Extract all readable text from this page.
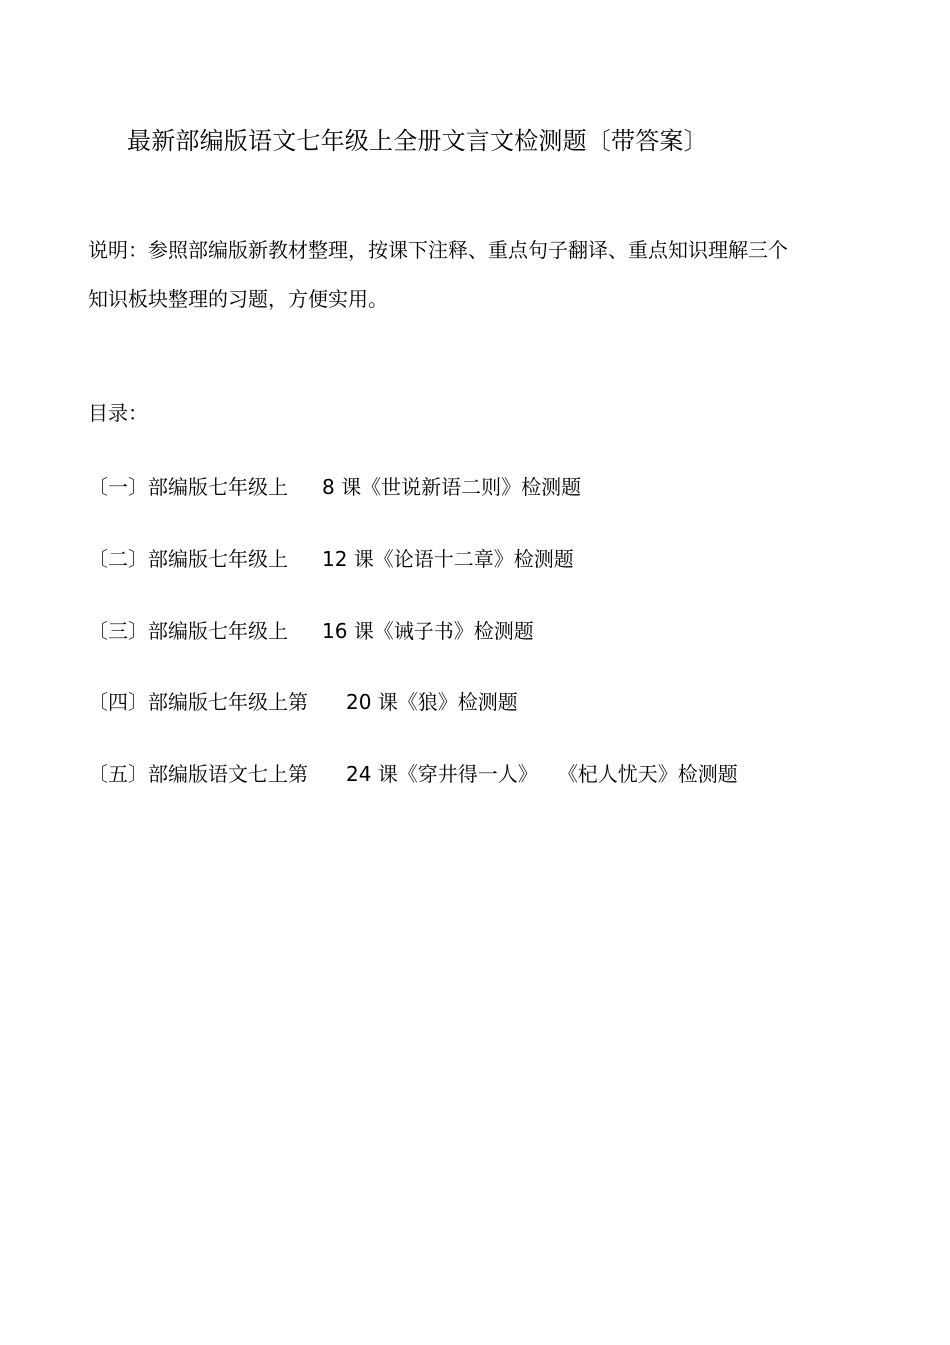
最新部编版语文七年级上全册文言文检测题〔带答案〕
说明：参照部编版新教材整理，按课下注释、重点句子翻译、重点知识理解三个知识板块整理的习题，方便实用。
目录：
〔一〕部编版七年级上 8 课《世说新语二则》检测题
〔二〕部编版七年级上 12 课《论语十二章》检测题
〔三〕部编版七年级上 16 课《诫子书》检测题
〔四〕部编版七年级上第 20 课《狼》检测题
〔五〕部编版语文七上第 24 课《穿井得一人》 《杞人忧天》检测题
